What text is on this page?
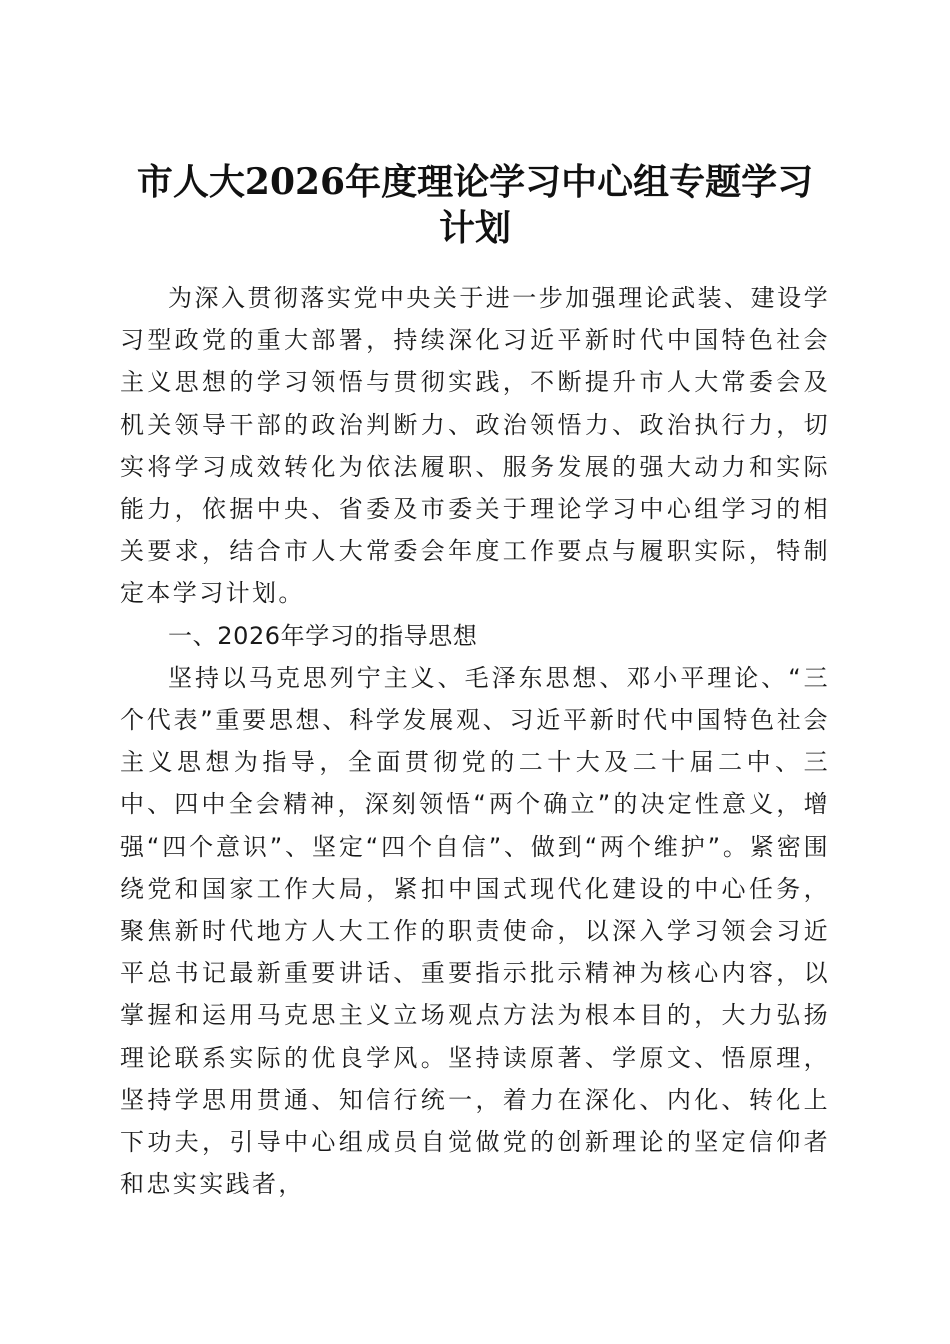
市人大2026年度理论学习中心组专题学习计划

为深入贯彻落实党中央关于进一步加强理论武装、建设学习型政党的重大部署，持续深化习近平新时代中国特色社会主义思想的学习领悟与贯彻实践，不断提升市人大常委会及机关领导干部的政治判断力、政治领悟力、政治执行力，切实将学习成效转化为依法履职、服务发展的强大动力和实际能力，依据中央、省委及市委关于理论学习中心组学习的相关要求，结合市人大常委会年度工作要点与履职实际，特制定本学习计划。

一、2026年学习的指导思想

坚持以马克思列宁主义、毛泽东思想、邓小平理论、“三个代表”重要思想、科学发展观、习近平新时代中国特色社会主义思想为指导，全面贯彻党的二十大及二十届二中、三中、四中全会精神，深刻领悟“两个确立”的决定性意义，增强“四个意识”、坚定“四个自信”、做到“两个维护”。紧密围绕党和国家工作大局，紧扣中国式现代化建设的中心任务，聚焦新时代地方人大工作的职责使命，以深入学习领会习近平总书记最新重要讲话、重要指示批示精神为核心内容，以掌握和运用马克思主义立场观点方法为根本目的，大力弘扬理论联系实际的优良学风。坚持读原著、学原文、悟原理，坚持学思用贯通、知信行统一，着力在深化、内化、转化上下功夫，引导中心组成员自觉做党的创新理论的坚定信仰者和忠实实践者，
